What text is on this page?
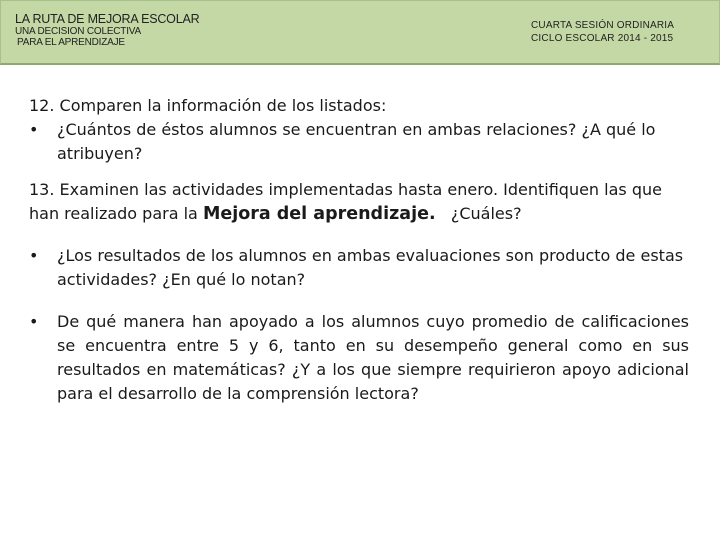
LA RUTA DE MEJORA ESCOLAR
UNA DECISION COLECTIVA
PARA EL APRENDIZAJE
CUARTA SESIÓN ORDINARIA
CICLO ESCOLAR 2014 - 2015
12. Comparen la información de los listados:
•	¿Cuántos de éstos alumnos se encuentran en ambas relaciones? ¿A qué lo atribuyen?
13. Examinen las actividades implementadas hasta enero. Identifiquen las que han realizado para la Mejora del aprendizaje.   ¿Cuáles?
•	¿Los resultados de los alumnos en ambas evaluaciones son producto de estas actividades? ¿En qué lo notan?
•	De qué manera han apoyado a los alumnos cuyo promedio de calificaciones se encuentra entre 5 y 6, tanto en su desempeño general como en sus resultados en matemáticas? ¿Y a los que siempre requirieron apoyo adicional para el desarrollo de la comprensión lectora?
